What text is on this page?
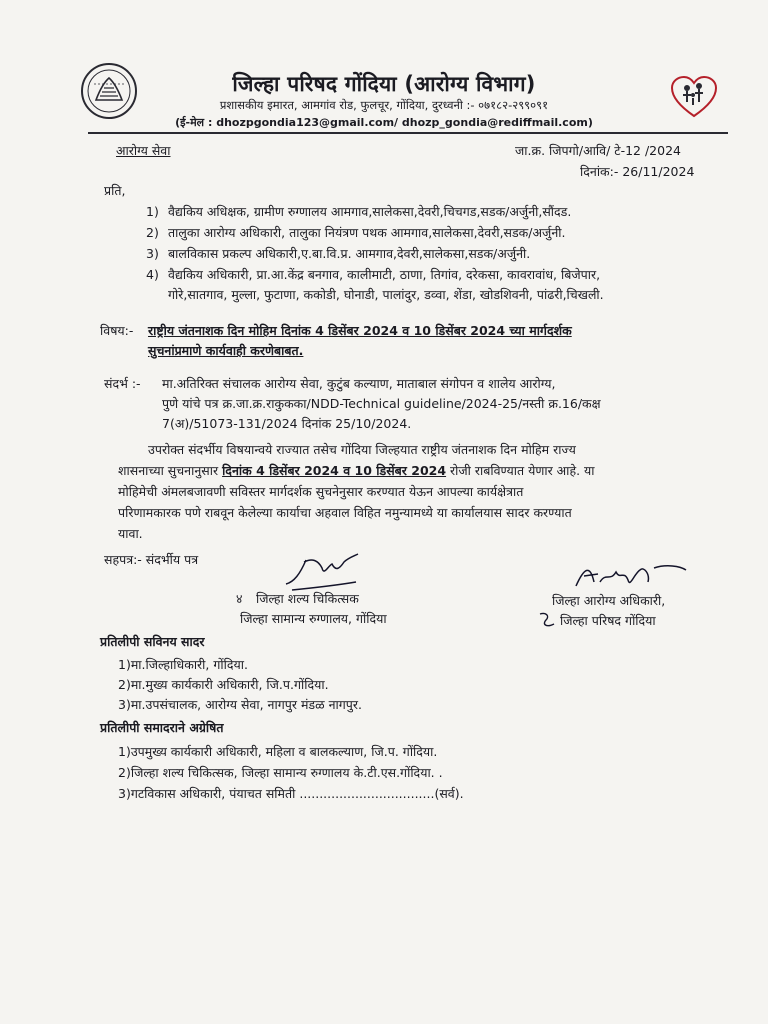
जिल्हा परिषद गोंदिया (आरोग्य विभाग)
प्रशासकीय इमारत, आमगांव रोड, फुलचूर, गोंदिया, दुरध्वनी :- ०७१८२-२९९०९१
(ई-मेल : dhozpgondia123@gmail.com/ dhozp_gondia@rediffmail.com)
आरोग्य सेवा	जा.क्र. जिपगो/आवि/ टे-12 /2024
दिनांक:- 26/11/2024
प्रति,
1) वैद्यकिय अधिक्षक, ग्रामीण रुग्णालय आमगाव,सालेकसा,देवरी,चिचगड,सडक/अर्जुनी,सौंदड.
2) तालुका आरोग्य अधिकारी, तालुका नियंत्रण पथक आमगाव,सालेकसा,देवरी,सडक/अर्जुनी.
3) बालविकास प्रकल्प अधिकारी,ए.बा.वि.प्र. आमगाव,देवरी,सालेकसा,सडक/अर्जुनी.
4) वैद्यकिय अधिकारी, प्रा.आ.केंद्र बनगाव, कालीमाटी, ठाणा, तिगांव, दरेकसा, कावरावांध, बिजेपार,
गोरे,सातगाव, मुल्ला, फुटाणा, ककोडी, घोनाडी, पालांदुर, डव्वा, शेंडा, खोडशिवनी, पांढरी,चिखली.
विषय:- राष्ट्रीय जंतनाशक दिन मोहिम दिनांक 4 डिसेंबर 2024 व 10 डिसेंबर 2024 च्या मार्गदर्शक
सुचनांप्रमाणे कार्यवाही करणेबाबत.
संदर्भ :- मा.अतिरिक्त संचालक आरोग्य सेवा, कुटुंब कल्याण, माताबाल संगोपन व शालेय आरोग्य,
पुणे यांचे पत्र क्र.जा.क्र.राकुकका/NDD-Technical guideline/2024-25/नस्ती क्र.16/कक्ष
7(अ)/51073-131/2024 दिनांक 25/10/2024.
उपरोक्त संदर्भीय विषयान्वये राज्यात तसेच गोंदिया जिल्हयात राष्ट्रीय जंतनाशक दिन मोहिम राज्य
शासनाच्या सुचनानुसार दिनांक 4 डिसेंबर 2024 व 10 डिसेंबर 2024 रोजी राबविण्यात येणार आहे. या
मोहिमेची अंमलबजावणी सविस्तर मार्गदर्शक सुचनेनुसार करण्यात येऊन आपल्या कार्यक्षेत्रात
परिणामकारक पणे राबवून केलेल्या कार्याचा अहवाल विहित नमुन्यामध्ये या कार्यालयास सादर करण्यात
यावा.
सहपत्र:- संदर्भीय पत्र
४ जिल्हा शल्य चिकित्सक
जिल्हा सामान्य रुग्णालय, गोंदिया
जिल्हा आरोग्य अधिकारी,
जिल्हा परिषद गोंदिया
प्रतिलीपी सविनय सादर
1)मा.जिल्हाधिकारी, गोंदिया.
2)मा.मुख्य कार्यकारी अधिकारी, जि.प.गोंदिया.
3)मा.उपसंचालक, आरोग्य सेवा, नागपुर मंडळ नागपुर.
प्रतिलीपी समादराने अग्रेषित
1)उपमुख्य कार्यकारी अधिकारी, महिला व बालकल्याण, जि.प. गोंदिया.
2)जिल्हा शल्य चिकित्सक, जिल्हा सामान्य रुग्णालय के.टी.एस.गोंदिया. .
3)गटविकास अधिकारी, पंयाचत समिती ..................................(सर्व).
